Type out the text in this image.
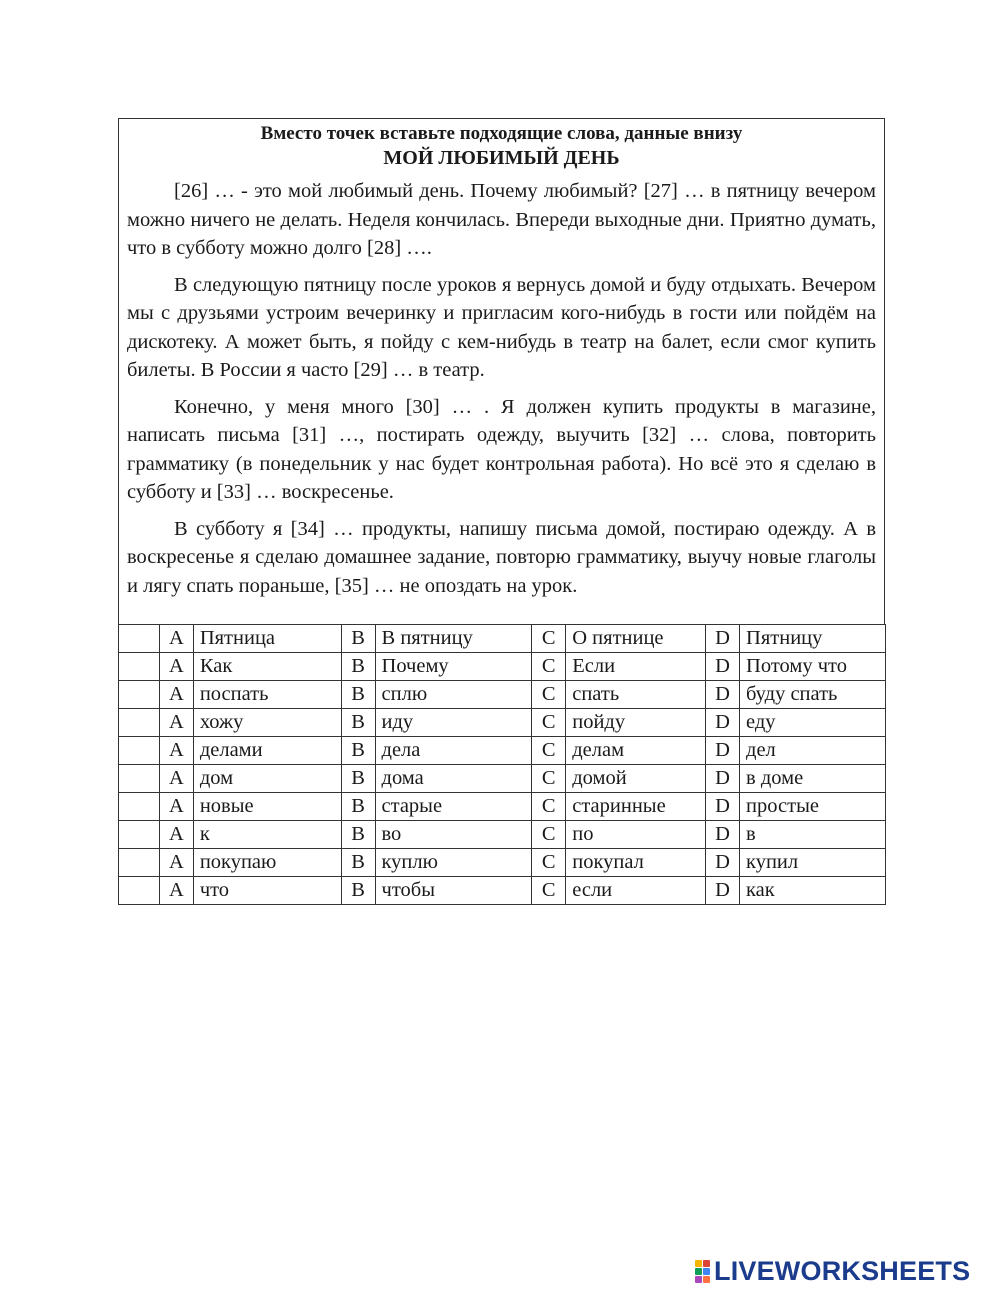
Вместо точек вставьте подходящие слова, данные внизу

МОЙ ЛЮБИМЫЙ ДЕНЬ

[26] … - это мой любимый день. Почему любимый? [27] … в пятницу вечером можно ничего не делать. Неделя кончилась. Впереди выходные дни. Приятно думать, что в субботу можно долго [28] ….

В следующую пятницу после уроков я вернусь домой и буду отдыхать. Вечером мы с друзьями устроим вечеринку и пригласим кого-нибудь в гости или пойдём на дискотеку. А может быть, я пойду с кем-нибудь в театр на балет, если смог купить билеты. В России я часто [29] … в театр.

Конечно, у меня много [30] … . Я должен купить продукты в магазине, написать письма [31] …, постирать одежду, выучить [32] … слова, повторить грамматику (в понедельник у нас будет контрольная работа). Но всё это я сделаю в субботу и [33] … воскресенье.

В субботу я [34] … продукты, напишу письма домой, постираю одежду. А в воскресенье я сделаю домашнее задание, повторю грамматику, выучу новые глаголы и лягу спать пораньше, [35] … не опоздать на урок.

	A	Пятница	B	В пятницу	C	О пятнице	D	Пятницу
	A	Как	B	Почему	C	Если	D	Потому что
	A	поспать	B	сплю	C	спать	D	буду спать
	A	хожу	B	иду	C	пойду	D	еду
	A	делами	B	дела	C	делам	D	дел
	A	дом	B	дома	C	домой	D	в доме
	A	новые	B	старые	C	старинные	D	простые
	A	к	B	во	C	по	D	в
	A	покупаю	B	куплю	C	покупал	D	купил
	A	что	B	чтобы	C	если	D	как
LIVEWORKSHEETS
